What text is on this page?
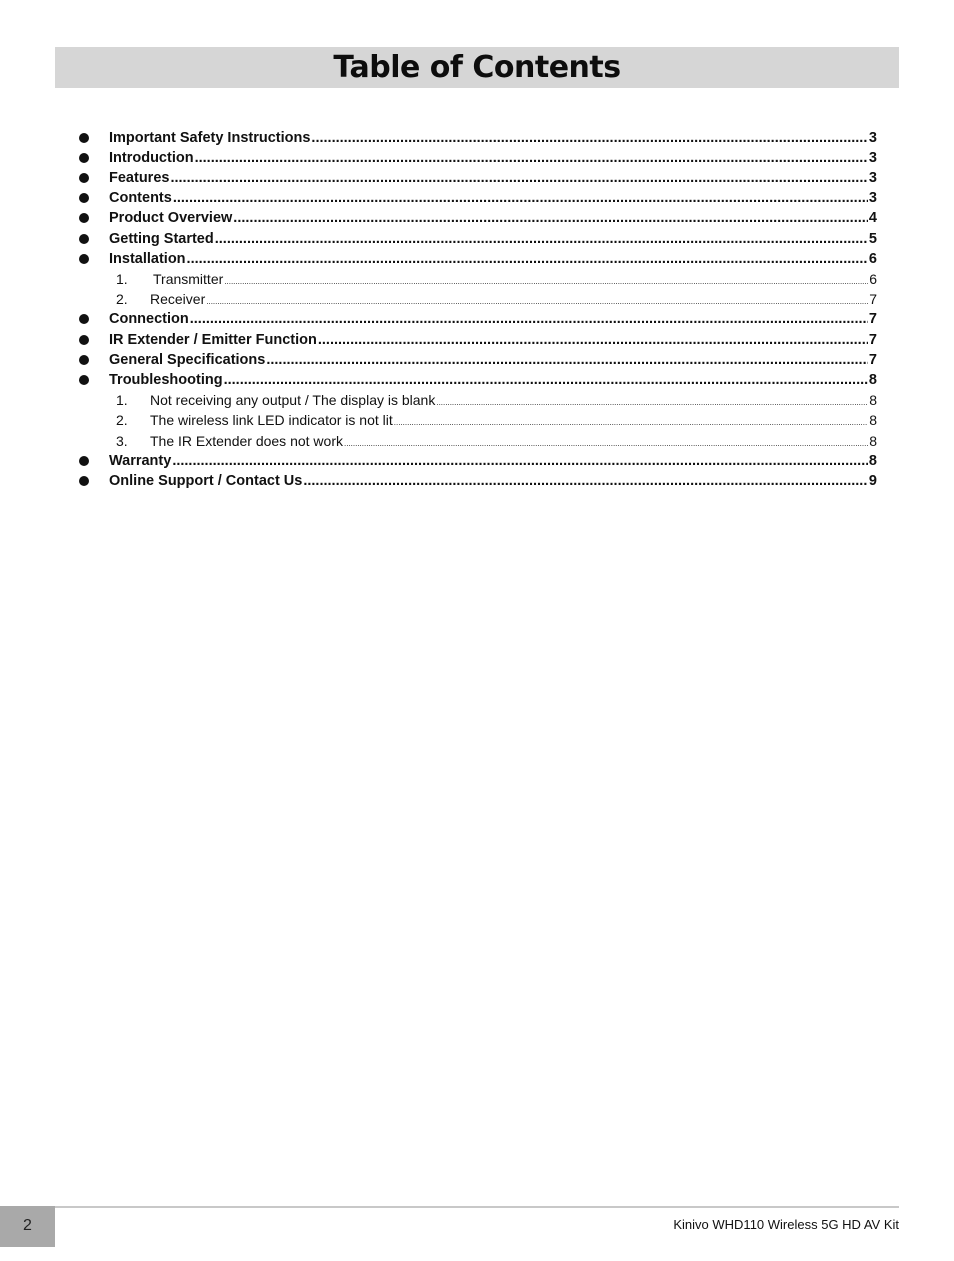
Table of Contents
Important Safety Instructions .....	3
Introduction .....	3
Features .....	3
Contents .....	3
Product Overview .....	4
Getting Started .....	5
Installation .....	6
1. Transmitter .....	6
2. Receiver .....	7
Connection .....	7
IR Extender / Emitter Function .....	7
General Specifications .....	7
Troubleshooting .....	8
1. Not receiving any output / The display is blank .....	8
2. The wireless link LED indicator is not lit .....	8
3. The IR Extender does not work .....	8
Warranty .....	8
Online Support / Contact Us .....	9
2	Kinivo WHD110 Wireless 5G HD AV Kit
